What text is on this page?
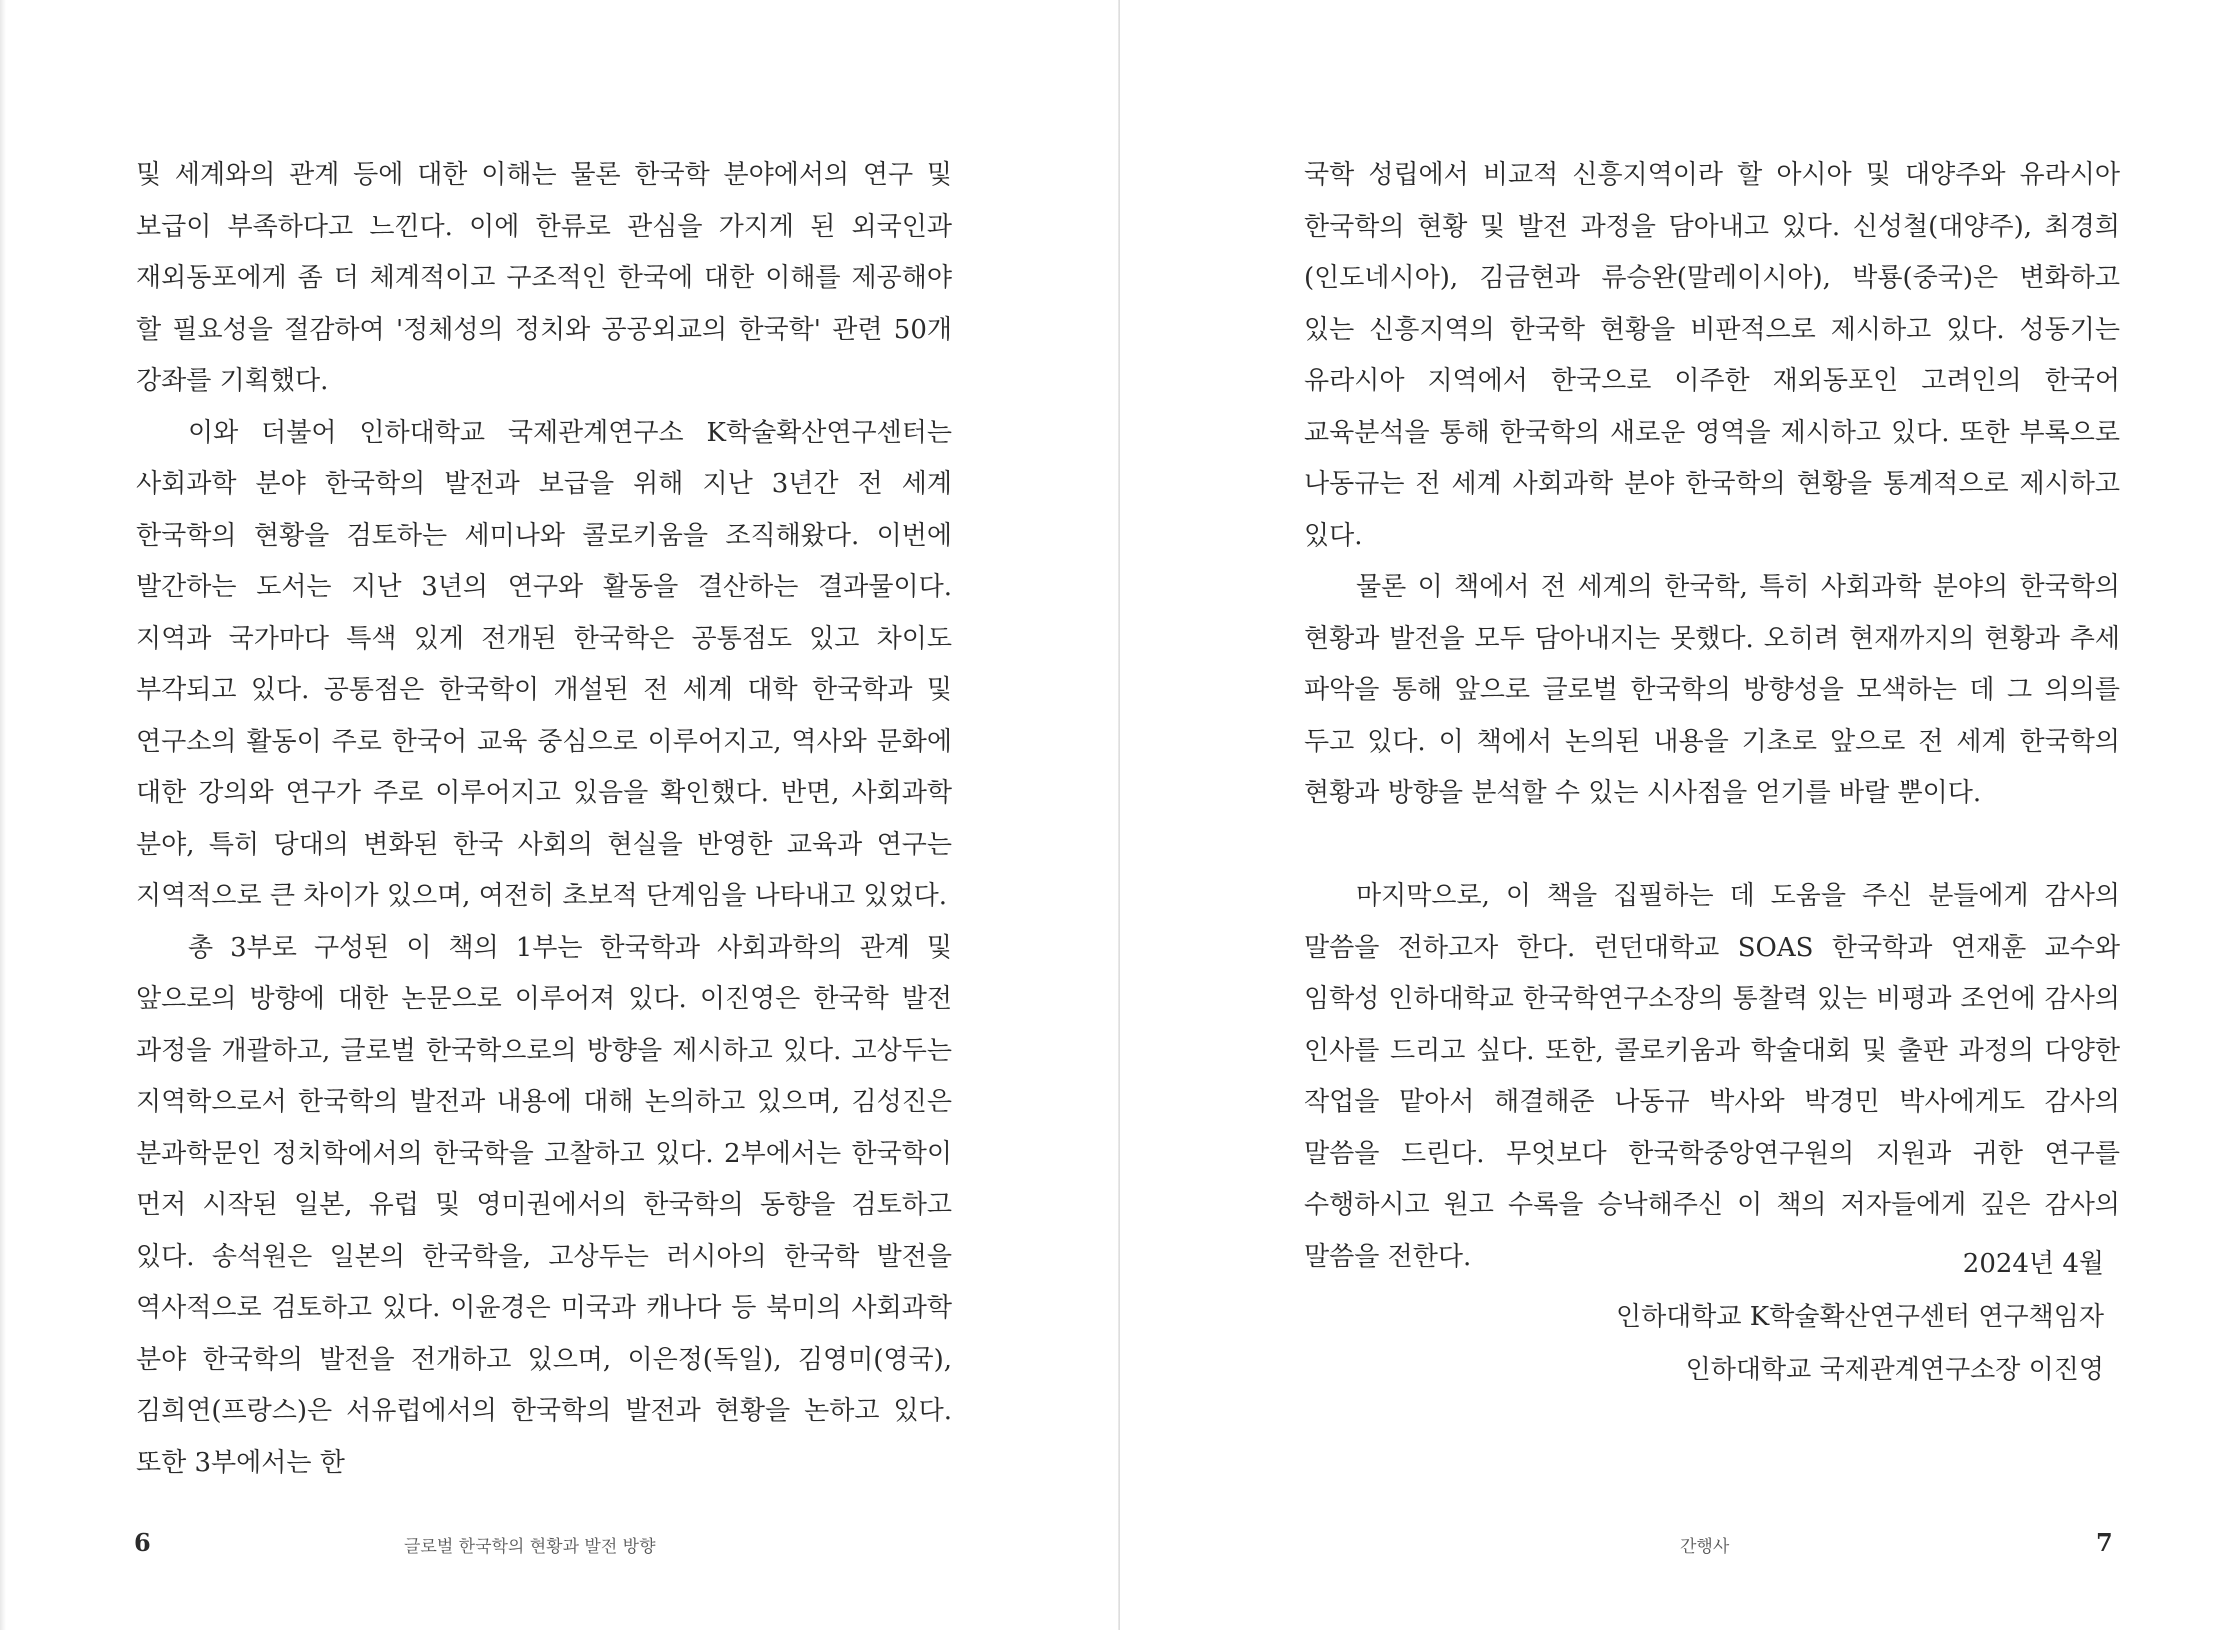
및 세계와의 관계 등에 대한 이해는 물론 한국학 분야에서의 연구 및 보급이 부족하다고 느낀다. 이에 한류로 관심을 가지게 된 외국인과 재외동포에게 좀 더 체계적이고 구조적인 한국에 대한 이해를 제공해야 할 필요성을 절감하여 '정체성의 정치와 공공외교의 한국학' 관련 50개 강좌를 기획했다.

이와 더불어 인하대학교 국제관계연구소 K학술확산연구센터는 사회과학 분야 한국학의 발전과 보급을 위해 지난 3년간 전 세계 한국학의 현황을 검토하는 세미나와 콜로키움을 조직해왔다. 이번에 발간하는 도서는 지난 3년의 연구와 활동을 결산하는 결과물이다. 지역과 국가마다 특색 있게 전개된 한국학은 공통점도 있고 차이도 부각되고 있다. 공통점은 한국학이 개설된 전 세계 대학 한국학과 및 연구소의 활동이 주로 한국어 교육 중심으로 이루어지고, 역사와 문화에 대한 강의와 연구가 주로 이루어지고 있음을 확인했다. 반면, 사회과학 분야, 특히 당대의 변화된 한국 사회의 현실을 반영한 교육과 연구는 지역적으로 큰 차이가 있으며, 여전히 초보적 단계임을 나타내고 있었다.

총 3부로 구성된 이 책의 1부는 한국학과 사회과학의 관계 및 앞으로의 방향에 대한 논문으로 이루어져 있다. 이진영은 한국학 발전 과정을 개괄하고, 글로벌 한국학으로의 방향을 제시하고 있다. 고상두는 지역학으로서 한국학의 발전과 내용에 대해 논의하고 있으며, 김성진은 분과학문인 정치학에서의 한국학을 고찰하고 있다. 2부에서는 한국학이 먼저 시작된 일본, 유럽 및 영미권에서의 한국학의 동향을 검토하고 있다. 송석원은 일본의 한국학을, 고상두는 러시아의 한국학 발전을 역사적으로 검토하고 있다. 이윤경은 미국과 캐나다 등 북미의 사회과학 분야 한국학의 발전을 전개하고 있으며, 이은정(독일), 김영미(영국), 김희연(프랑스)은 서유럽에서의 한국학의 발전과 현황을 논하고 있다. 또한 3부에서는 한

6	글로벌 한국학의 현황과 발전 방향

국학 성립에서 비교적 신흥지역이라 할 아시아 및 대양주와 유라시아 한국학의 현황 및 발전 과정을 담아내고 있다. 신성철(대양주), 최경희(인도네시아), 김금현과 류승완(말레이시아), 박룡(중국)은 변화하고 있는 신흥지역의 한국학 현황을 비판적으로 제시하고 있다. 성동기는 유라시아 지역에서 한국으로 이주한 재외동포인 고려인의 한국어 교육분석을 통해 한국학의 새로운 영역을 제시하고 있다. 또한 부록으로 나동규는 전 세계 사회과학 분야 한국학의 현황을 통계적으로 제시하고 있다.

물론 이 책에서 전 세계의 한국학, 특히 사회과학 분야의 한국학의 현황과 발전을 모두 담아내지는 못했다. 오히려 현재까지의 현황과 추세 파악을 통해 앞으로 글로벌 한국학의 방향성을 모색하는 데 그 의의를 두고 있다. 이 책에서 논의된 내용을 기초로 앞으로 전 세계 한국학의 현황과 방향을 분석할 수 있는 시사점을 얻기를 바랄 뿐이다.

마지막으로, 이 책을 집필하는 데 도움을 주신 분들에게 감사의 말씀을 전하고자 한다. 런던대학교 SOAS 한국학과 연재훈 교수와 임학성 인하대학교 한국학연구소장의 통찰력 있는 비평과 조언에 감사의 인사를 드리고 싶다. 또한, 콜로키움과 학술대회 및 출판 과정의 다양한 작업을 맡아서 해결해준 나동규 박사와 박경민 박사에게도 감사의 말씀을 드린다. 무엇보다 한국학중앙연구원의 지원과 귀한 연구를 수행하시고 원고 수록을 승낙해주신 이 책의 저자들에게 깊은 감사의 말씀을 전한다.	2024년 4월
인하대학교 K학술확산연구센터 연구책임자
인하대학교 국제관계연구소장 이진영
간행사	7
